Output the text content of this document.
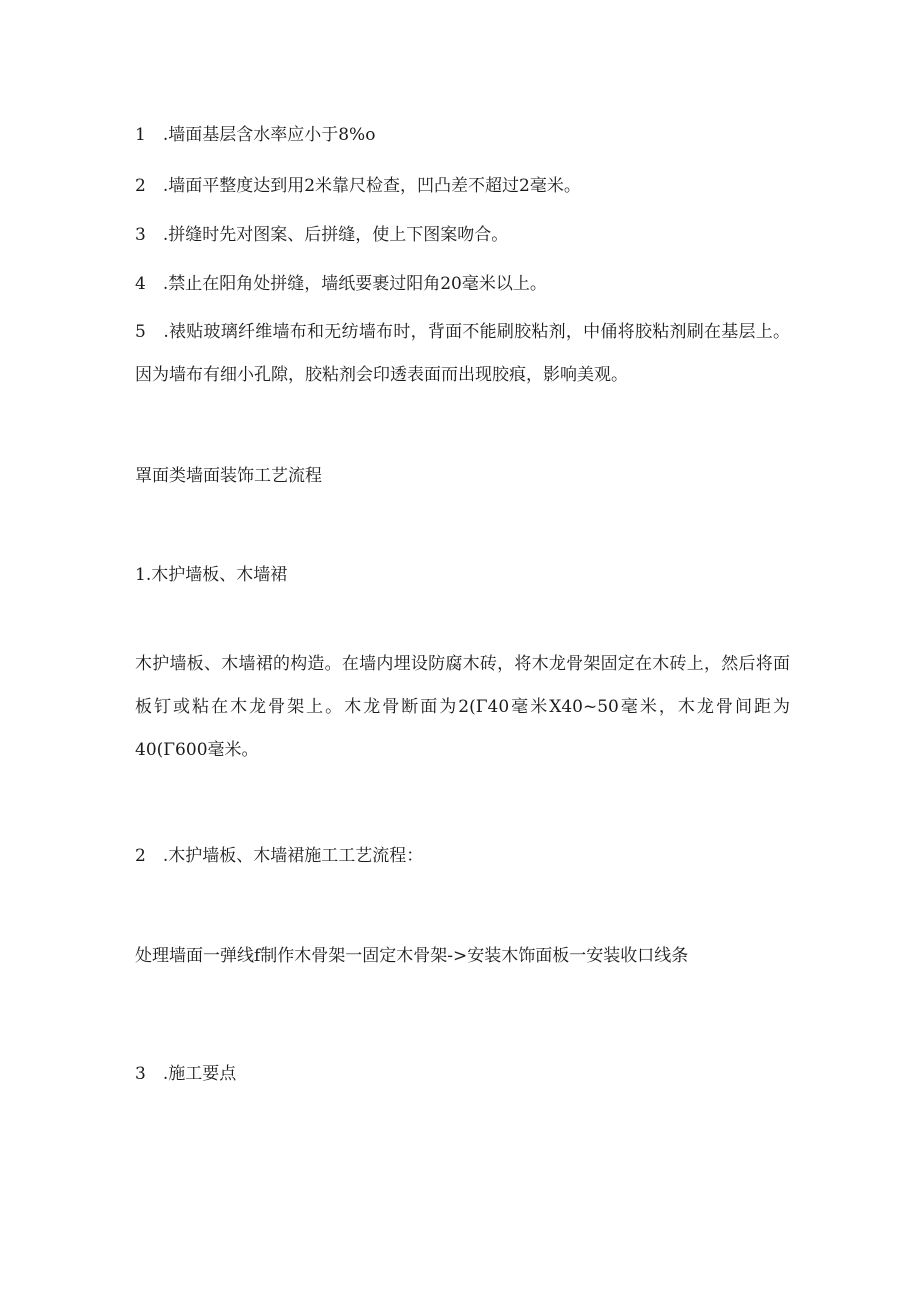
1　.墙面基层含水率应小于8%o
2　.墙面平整度达到用2米靠尺检查，凹凸差不超过2毫米。
3　.拼缝时先对图案、后拼缝，使上下图案吻合。
4　.禁止在阳角处拼缝，墙纸要裹过阳角20毫米以上。
5　.裱贴玻璃纤维墙布和无纺墙布时，背面不能刷胶粘剂，中俑将胶粘剂刷在基层上。因为墙布有细小孔隙，胶粘剂会印透表面而出现胶痕，影响美观。
罩面类墙面装饰工艺流程
1.木护墙板、木墙裙
木护墙板、木墙裙的构造。在墙内埋设防腐木砖，将木龙骨架固定在木砖上，然后将面板钉或粘在木龙骨架上。木龙骨断面为2(Γ40毫米X40~50毫米，木龙骨间距为40(Γ600毫米。
2　.木护墙板、木墙裙施工工艺流程：
处理墙面一弹线f制作木骨架一固定木骨架->安装木饰面板一安装收口线条
3　.施工要点
